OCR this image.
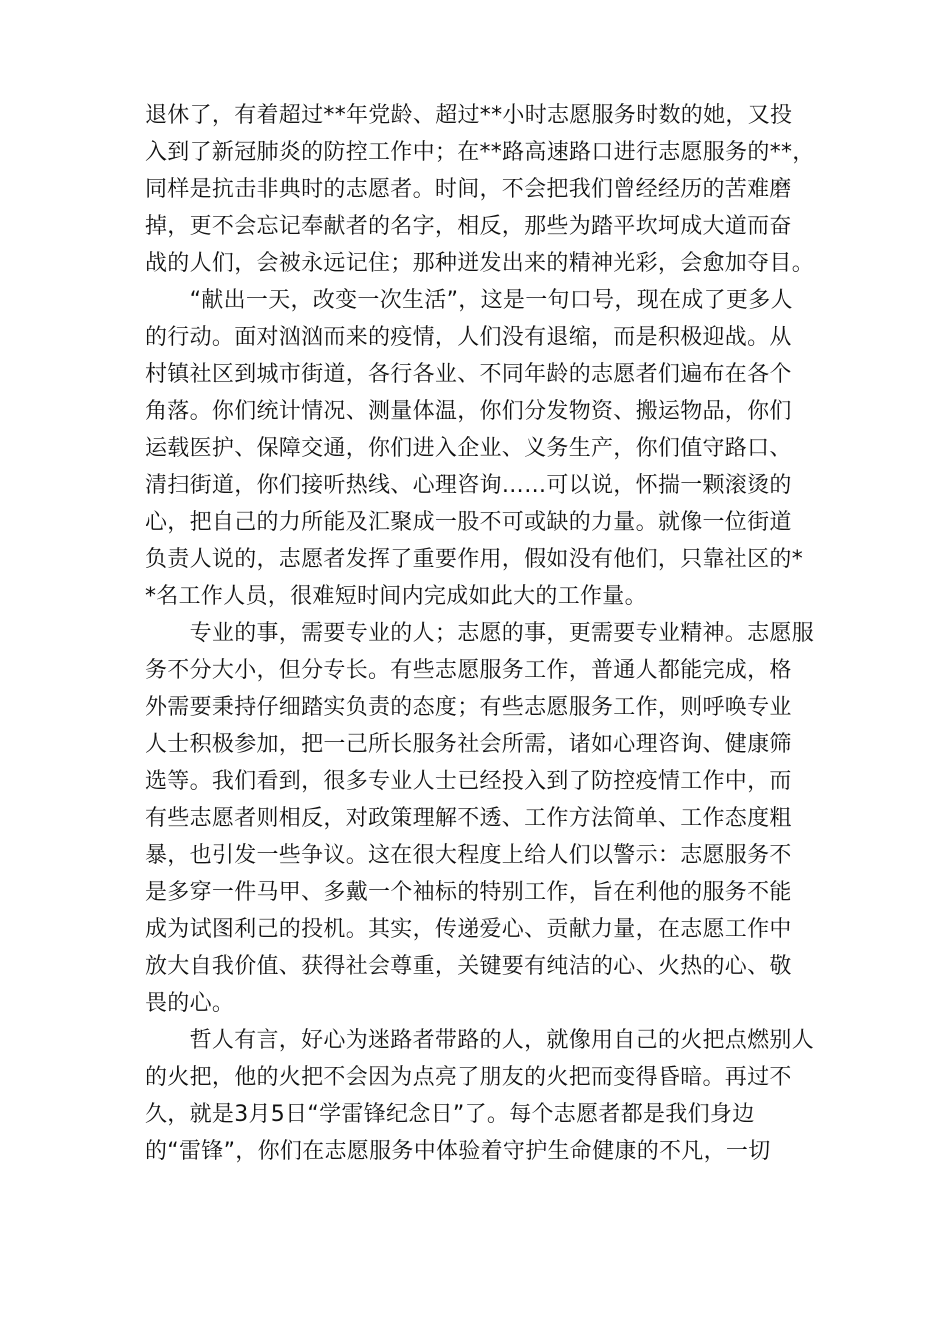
退休了，有着超过**年党龄、超过**小时志愿服务时数的她，又投
入到了新冠肺炎的防控工作中；在**路高速路口进行志愿服务的**，
同样是抗击非典时的志愿者。时间，不会把我们曾经经历的苦难磨
掉，更不会忘记奉献者的名字，相反，那些为踏平坎坷成大道而奋
战的人们，会被永远记住；那种迸发出来的精神光彩，会愈加夺目。
　　“献出一天，改变一次生活”，这是一句口号，现在成了更多人
的行动。面对汹汹而来的疫情，人们没有退缩，而是积极迎战。从
村镇社区到城市街道，各行各业、不同年龄的志愿者们遍布在各个
角落。你们统计情况、测量体温，你们分发物资、搬运物品，你们
运载医护、保障交通，你们进入企业、义务生产，你们值守路口、
清扫街道，你们接听热线、心理咨询……可以说，怀揣一颗滚烫的
心，把自己的力所能及汇聚成一股不可或缺的力量。就像一位街道
负责人说的，志愿者发挥了重要作用，假如没有他们，只靠社区的*
*名工作人员，很难短时间内完成如此大的工作量。
　　专业的事，需要专业的人；志愿的事，更需要专业精神。志愿服
务不分大小，但分专长。有些志愿服务工作，普通人都能完成，格
外需要秉持仔细踏实负责的态度；有些志愿服务工作，则呼唤专业
人士积极参加，把一己所长服务社会所需，诸如心理咨询、健康筛
选等。我们看到，很多专业人士已经投入到了防控疫情工作中，而
有些志愿者则相反，对政策理解不透、工作方法简单、工作态度粗
暴，也引发一些争议。这在很大程度上给人们以警示：志愿服务不
是多穿一件马甲、多戴一个袖标的特别工作，旨在利他的服务不能
成为试图利己的投机。其实，传递爱心、贡献力量，在志愿工作中
放大自我价值、获得社会尊重，关键要有纯洁的心、火热的心、敬
畏的心。
　　哲人有言，好心为迷路者带路的人，就像用自己的火把点燃别人
的火把，他的火把不会因为点亮了朋友的火把而变得昏暗。再过不
久，就是3月5日“学雷锋纪念日”了。每个志愿者都是我们身边
的“雷锋”，你们在志愿服务中体验着守护生命健康的不凡，一切
